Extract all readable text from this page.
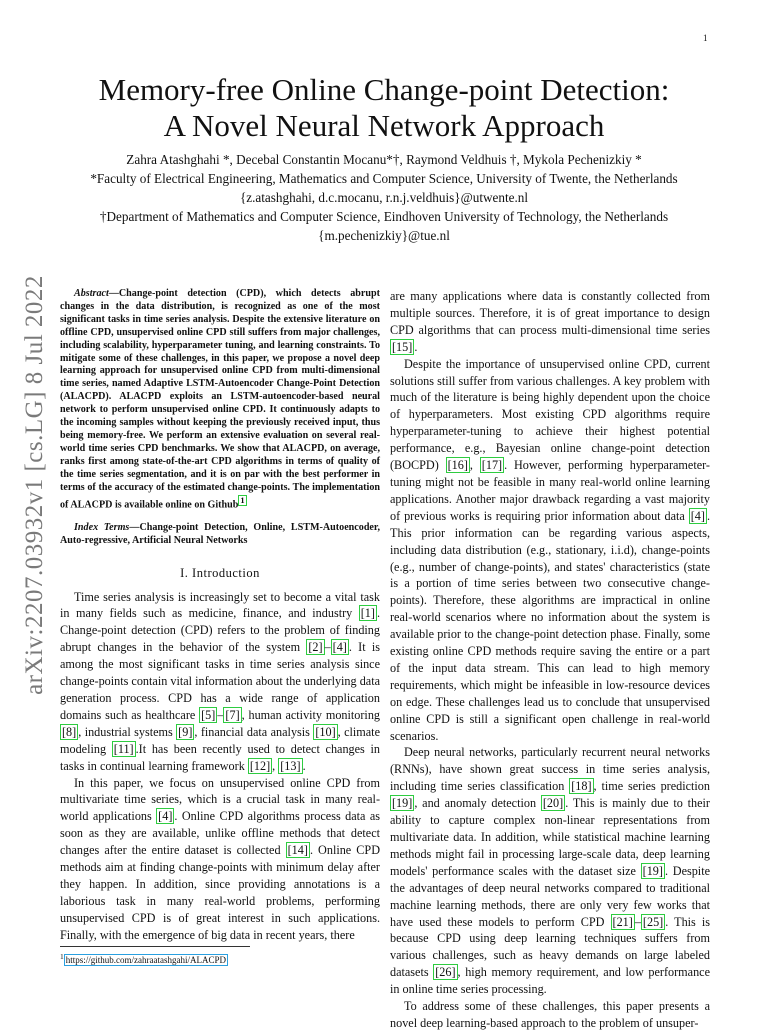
1
arXiv:2207.03932v1 [cs.LG] 8 Jul 2022
Memory-free Online Change-point Detection:
A Novel Neural Network Approach
Zahra Atashghahi *, Decebal Constantin Mocanu*†, Raymond Veldhuis †, Mykola Pechenizkiy *
*Faculty of Electrical Engineering, Mathematics and Computer Science, University of Twente, the Netherlands
{z.atashghahi, d.c.mocanu, r.n.j.veldhuis}@utwente.nl
†Department of Mathematics and Computer Science, Eindhoven University of Technology, the Netherlands
{m.pechenizkiy}@tue.nl

Abstract—Change-point detection (CPD), which detects abrupt changes in the data distribution, is recognized as one of the most significant tasks in time series analysis. Despite the extensive literature on offline CPD, unsupervised online CPD still suffers from major challenges, including scalability, hyperparameter tuning, and learning constraints. To mitigate some of these challenges, in this paper, we propose a novel deep learning approach for unsupervised online CPD from multi-dimensional time series, named Adaptive LSTM-Autoencoder Change-Point Detection (ALACPD). ALACPD exploits an LSTM-autoencoder-based neural network to perform unsupervised online CPD. It continuously adapts to the incoming samples without keeping the previously received input, thus being memory-free. We perform an extensive evaluation on several real-world time series CPD benchmarks. We show that ALACPD, on average, ranks first among state-of-the-art CPD algorithms in terms of quality of the time series segmentation, and it is on par with the best performer in terms of the accuracy of the estimated change-points. The implementation of ALACPD is available online on Github $^1$

Index Terms—Change-point Detection, Online, LSTM-Autoencoder, Auto-regressive, Artificial Neural Networks

I. Introduction

Time series analysis is increasingly set to become a vital task in many fields such as medicine, finance, and industry [1] . Change-point detection (CPD) refers to the problem of finding abrupt changes in the behavior of the system [2] – [4] . It is among the most significant tasks in time series analysis since change-points contain vital information about the underlying data generation process. CPD has a wide range of application domains such as healthcare [5] – [7] , human activity monitoring [8] , industrial systems [9] , financial data analysis [10] , climate modeling [11] .It has been recently used to detect changes in tasks in continual learning framework [12] , [13] .

In this paper, we focus on unsupervised online CPD from multivariate time series, which is a crucial task in many real-world applications [4] . Online CPD algorithms process data as soon as they are available, unlike offline methods that detect changes after the entire dataset is collected [14] . Online CPD methods aim at finding change-points with minimum delay after they happen. In addition, since providing annotations is a laborious task in many real-world problems, performing unsupervised CPD is of great interest in such applications. Finally, with the emergence of big data in recent years, there

are many applications where data is constantly collected from multiple sources. Therefore, it is of great importance to design CPD algorithms that can process multi-dimensional time series [15] .

Despite the importance of unsupervised online CPD, current solutions still suffer from various challenges. A key problem with much of the literature is being highly dependent upon the choice of hyperparameters. Most existing CPD algorithms require hyperparameter-tuning to achieve their highest potential performance, e.g., Bayesian online change-point detection (BOCPD) [16] , [17] . However, performing hyperparameter-tuning might not be feasible in many real-world online learning applications. Another major drawback regarding a vast majority of previous works is requiring prior information about data [4] . This prior information can be regarding various aspects, including data distribution (e.g., stationary, i.i.d), change-points (e.g., number of change-points), and states' characteristics (state is a portion of time series between two consecutive change-points). Therefore, these algorithms are impractical in online real-world scenarios where no information about the system is available prior to the change-point detection phase. Finally, some existing online CPD methods require saving the entire or a part of the input data stream. This can lead to high memory requirements, which might be infeasible in low-resource devices on edge. These challenges lead us to conclude that unsupervised online CPD is still a significant open challenge in real-world scenarios.

Deep neural networks, particularly recurrent neural networks (RNNs), have shown great success in time series analysis, including time series classification [18] , time series prediction [19] , and anomaly detection [20] . This is mainly due to their ability to capture complex non-linear representations from multivariate data. In addition, while statistical machine learning methods might fail in processing large-scale data, deep learning models' performance scales with the dataset size [19] . Despite the advantages of deep neural networks compared to traditional machine learning methods, there are only very few works that have used these models to perform CPD [21] – [25] . This is because CPD using deep learning techniques suffers from various challenges, such as heavy demands on large labeled datasets [26] , high memory requirement, and low performance in online time series processing.

To address some of these challenges, this paper presents a novel deep learning-based approach to the problem of unsuper-

$^1$ https://github.com/zahraatashgahi/ALACPD
